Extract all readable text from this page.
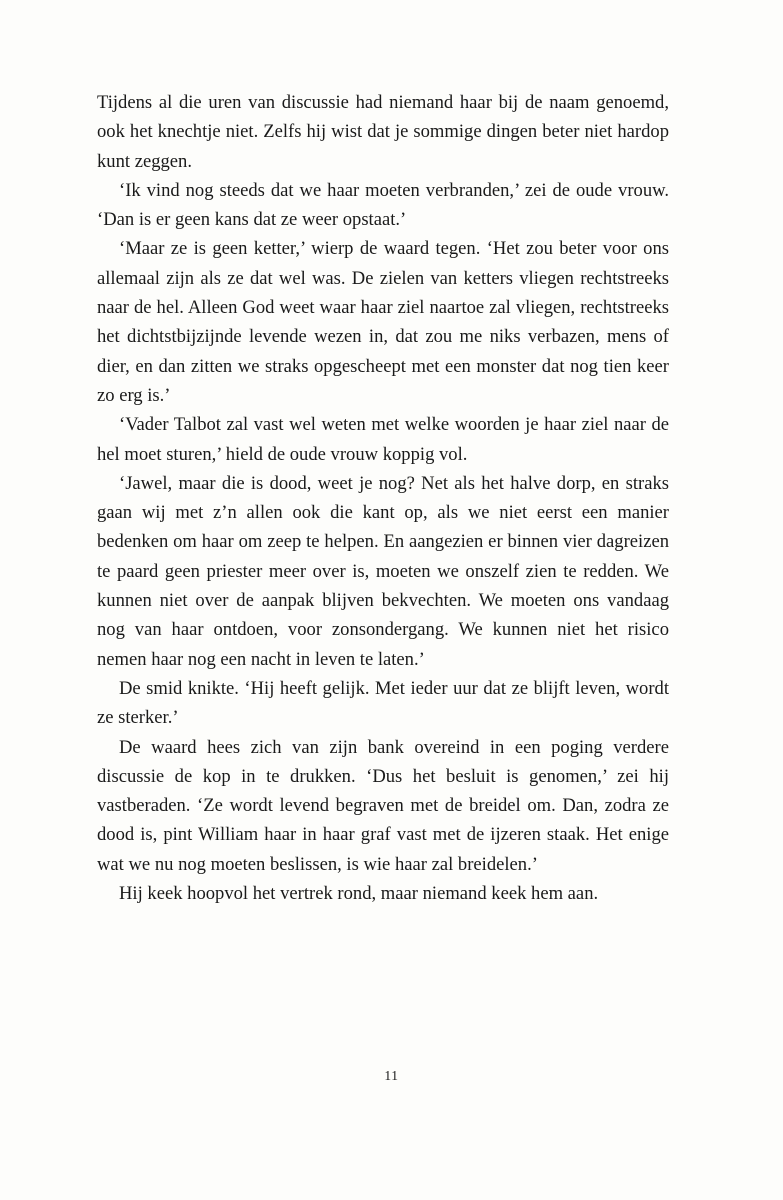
Tijdens al die uren van discussie had niemand haar bij de naam genoemd, ook het knechtje niet. Zelfs hij wist dat je sommige dingen beter niet hardop kunt zeggen.

‘Ik vind nog steeds dat we haar moeten verbranden,’ zei de oude vrouw. ‘Dan is er geen kans dat ze weer opstaat.’

‘Maar ze is geen ketter,’ wierp de waard tegen. ‘Het zou beter voor ons allemaal zijn als ze dat wel was. De zielen van ketters vliegen rechtstreeks naar de hel. Alleen God weet waar haar ziel naartoe zal vliegen, rechtstreeks het dichtstbijzijnde levende wezen in, dat zou me niks verbazen, mens of dier, en dan zitten we straks opgescheept met een monster dat nog tien keer zo erg is.’

‘Vader Talbot zal vast wel weten met welke woorden je haar ziel naar de hel moet sturen,’ hield de oude vrouw koppig vol.

‘Jawel, maar die is dood, weet je nog? Net als het halve dorp, en straks gaan wij met z’n allen ook die kant op, als we niet eerst een manier bedenken om haar om zeep te helpen. En aangezien er binnen vier dagreizen te paard geen priester meer over is, moeten we onszelf zien te redden. We kunnen niet over de aanpak blijven bekvechten. We moeten ons vandaag nog van haar ontdoen, voor zonsondergang. We kunnen niet het risico nemen haar nog een nacht in leven te laten.’

De smid knikte. ‘Hij heeft gelijk. Met ieder uur dat ze blijft leven, wordt ze sterker.’

De waard hees zich van zijn bank overeind in een poging verdere discussie de kop in te drukken. ‘Dus het besluit is genomen,’ zei hij vastberaden. ‘Ze wordt levend begraven met de breidel om. Dan, zodra ze dood is, pint William haar in haar graf vast met de ijzeren staak. Het enige wat we nu nog moeten beslissen, is wie haar zal breidelen.’

Hij keek hoopvol het vertrek rond, maar niemand keek hem aan.

11
